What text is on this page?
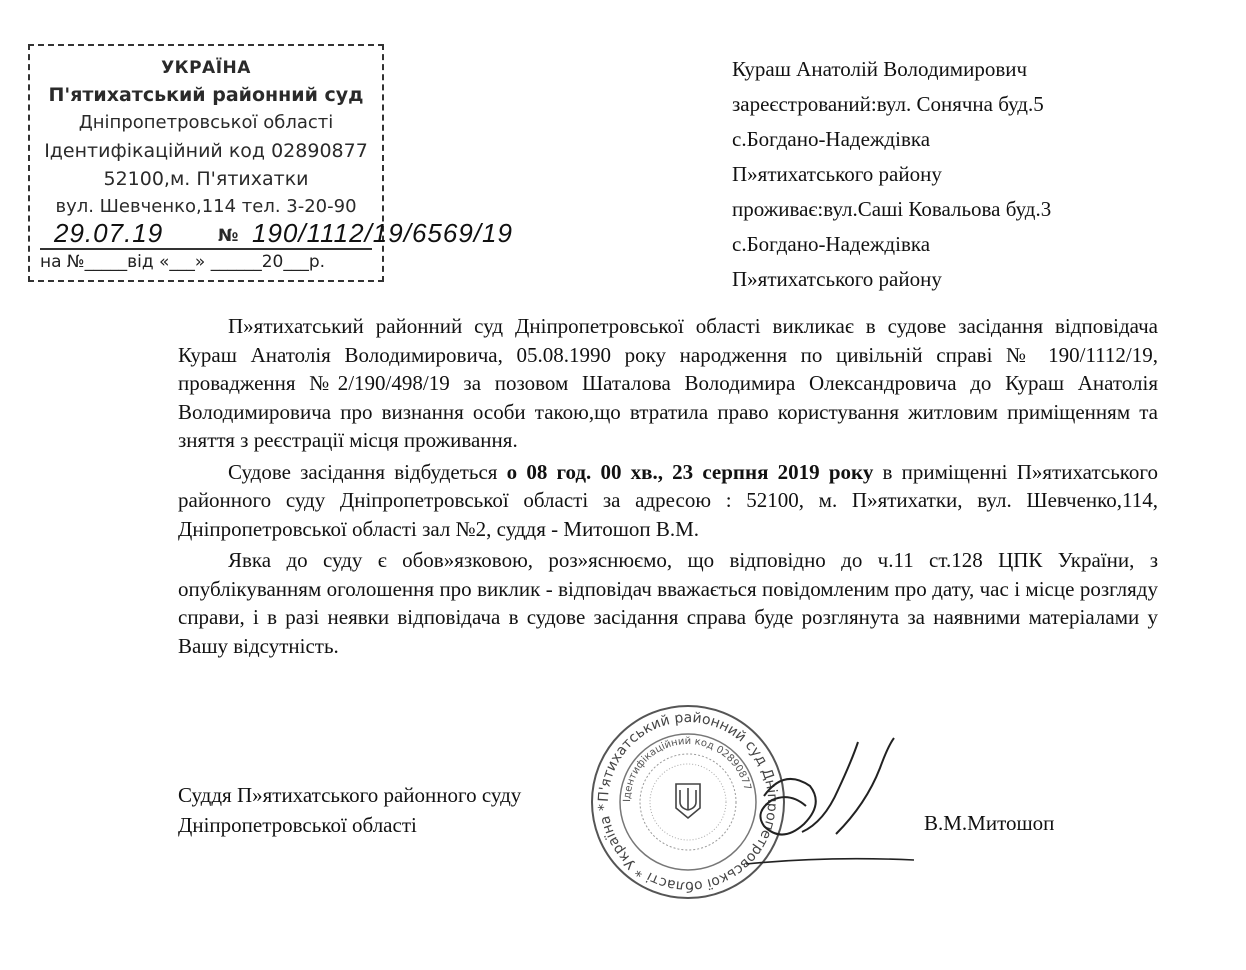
УКРАЇНА
П'ятихатський районний суд
Дніпропетровської області
Ідентифікаційний код 02890877
52100,м. П'ятихатки
вул. Шевченко,114 тел. 3-20-90
29.07.19	№ 190/1112/19/6569/19
на №_____від «___» ______20___р.
Кураш Анатолій Володимирович
зареєстрований:вул. Сонячна буд.5
с.Богдано-Надеждівка
П»ятихатського району
проживає:вул.Саші Ковальова буд.3
с.Богдано-Надеждівка
П»ятихатського району

П»ятихатський районний суд Дніпропетровської області викликає в судове засідання відповідача Кураш Анатолія Володимировича, 05.08.1990 року народження по цивільній справі № 190/1112/19, провадження №2/190/498/19 за позовом Шаталова Володимира Олександровича до Кураш Анатолія Володимировича про визнання особи такою,що втратила право користування житловим приміщенням та зняття з реєстрації місця проживання.

Судове засідання відбудеться о 08 год. 00 хв., 23 серпня 2019 року в приміщенні П»ятихатського районного суду Дніпропетровської області за адресою : 52100, м. П»ятихатки, вул. Шевченко,114, Дніпропетровської області зал №2, суддя - Митошоп В.М.

Явка до суду є обов»язковою, роз»яснюємо, що відповідно до ч.11 ст.128 ЦПК України, з опублікуванням оголошення про виклик - відповідач вважається повідомленим про дату, час і місце розгляду справи, і в разі неявки відповідача в судове засідання справа буде розглянута за наявними матеріалами у Вашу відсутність.

П'ятихатський районний суд Дніпропетровської області * Україна *
Ідентифікаційний код 02890877
Суддя П»ятихатського районного суду
Дніпропетровської області	В.М.Митошоп
